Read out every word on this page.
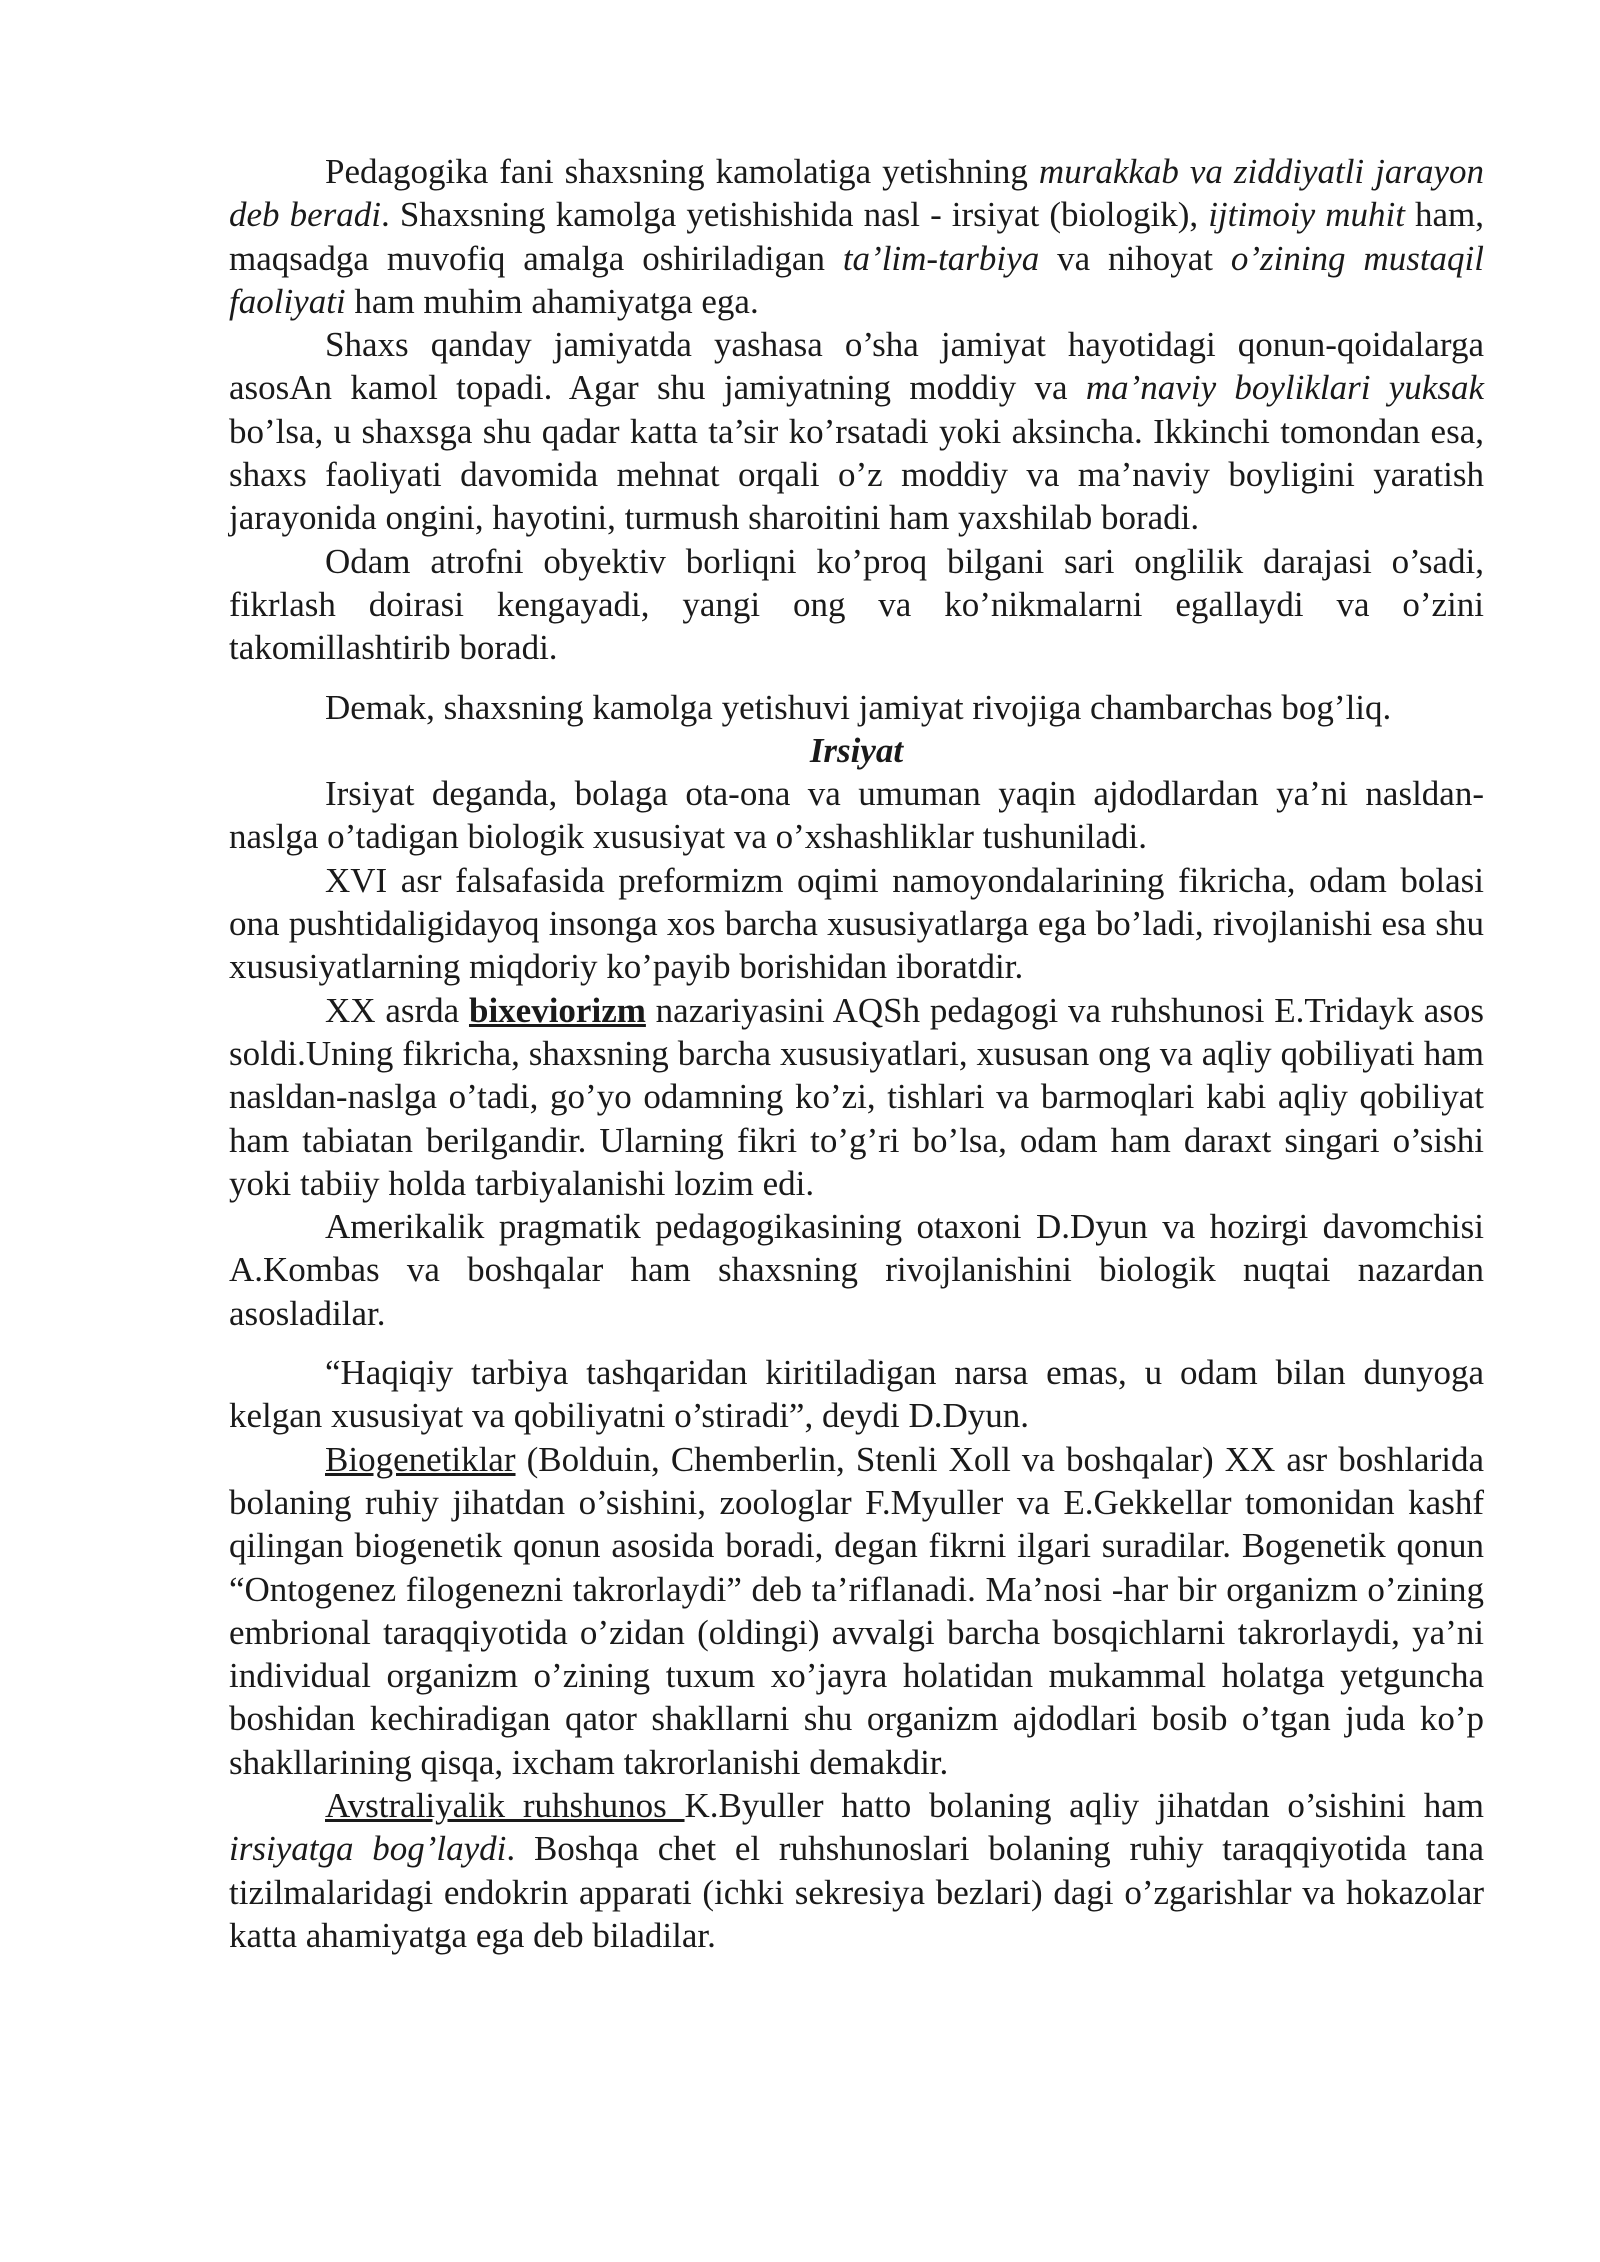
Pedagogika fani shaxsning kamolatiga yetishning murakkab va ziddiyatli jarayon deb beradi. Shaxsning kamolga yetishishida nasl - irsiyat (biologik), ijtimoiy muhit ham, maqsadga muvofiq amalga oshiriladigan ta’lim-tarbiya va nihoyat o’zining mustaqil faoliyati ham muhim ahamiyatga ega.

Shaxs qanday jamiyatda yashasa o’sha jamiyat hayotidagi qonun-qoidalarga asosAn kamol topadi. Agar shu jamiyatning moddiy va ma’naviy boyliklari yuksak bo’lsa, u shaxsga shu qadar katta ta’sir ko’rsatadi yoki aksincha. Ikkinchi tomondan esa, shaxs faoliyati davomida mehnat orqali o’z moddiy va ma’naviy boyligini yaratish jarayonida ongini, hayotini, turmush sharoitini ham yaxshilab boradi.

Odam atrofni obyektiv borliqni ko’proq bilgani sari onglilik darajasi o’sadi, fikrlash doirasi kengayadi, yangi ong va ko’nikmalarni egallaydi va o’zini takomillashtirib boradi.

Demak, shaxsning kamolga yetishuvi jamiyat rivojiga chambarchas bog’liq.

Irsiyat

Irsiyat deganda, bolaga ota-ona va umuman yaqin ajdodlardan ya’ni nasldan-naslga o’tadigan biologik xususiyat va o’xshashliklar tushuniladi.

XVI asr falsafasida preformizm oqimi namoyondalarining fikricha, odam bolasi ona pushtidaligidayoq insonga xos barcha xususiyatlarga ega bo’ladi, rivojlanishi esa shu xususiyatlarning miqdoriy ko’payib borishidan iboratdir.

XX asrda bixeviorizm nazariyasini AQSh pedagogi va ruhshunosi E.Tridayk asos soldi.Uning fikricha, shaxsning barcha xususiyatlari, xususan ong va aqliy qobiliyati ham nasldan-naslga o’tadi, go’yo odamning ko’zi, tishlari va barmoqlari kabi aqliy qobiliyat ham tabiatan berilgandir. Ularning fikri to’g’ri bo’lsa, odam ham daraxt singari o’sishi yoki tabiiy holda tarbiyalanishi lozim edi.

Amerikalik pragmatik pedagogikasining otaxoni D.Dyun va hozirgi davomchisi A.Kombas va boshqalar ham shaxsning rivojlanishini biologik nuqtai nazardan asosladilar.

“Haqiqiy tarbiya tashqaridan kiritiladigan narsa emas, u odam bilan dunyoga kelgan xususiyat va qobiliyatni o’stiradi”, deydi D.Dyun.

Biogenetiklar (Bolduin, Chemberlin, Stenli Xoll va boshqalar) XX asr boshlarida bolaning ruhiy jihatdan o’sishini, zoologlar F.Myuller va E.Gekkellar tomonidan kashf qilingan biogenetik qonun asosida boradi, degan fikrni ilgari suradilar. Bogenetik qonun “Ontogenez filogenezni takrorlaydi” deb ta’riflanadi. Ma’nosi -har bir organizm o’zining embrional taraqqiyotida o’zidan (oldingi) avvalgi barcha bosqichlarni takrorlaydi, ya’ni individual organizm o’zining tuxum xo’jayra holatidan mukammal holatga yetguncha boshidan kechiradigan qator shakllarni shu organizm ajdodlari bosib o’tgan juda ko’p shakllarining qisqa, ixcham takrorlanishi demakdir.

Avstraliyalik ruhshunos K.Byuller hatto bolaning aqliy jihatdan o’sishini ham irsiyatga bog’laydi. Boshqa chet el ruhshunoslari bolaning ruhiy taraqqiyotida tana tizilmalaridagi endokrin apparati (ichki sekresiya bezlari) dagi o’zgarishlar va hokazolar katta ahamiyatga ega deb biladilar.
